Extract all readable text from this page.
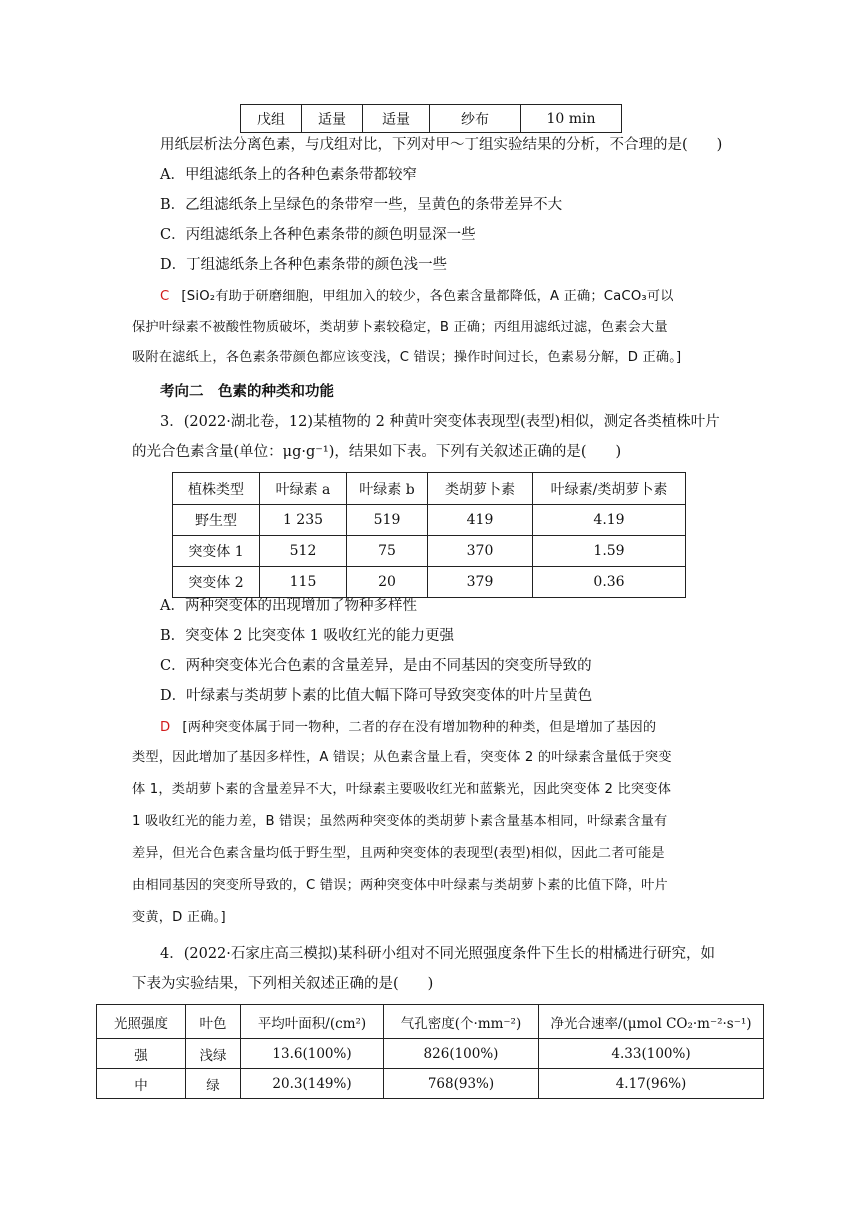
戊组	适量	适量	纱布	10 min
用纸层析法分离色素，与戊组对比，下列对甲～丁组实验结果的分析，不合理的是(　　)
A．甲组滤纸条上的各种色素条带都较窄
B．乙组滤纸条上呈绿色的条带窄一些，呈黄色的条带差异不大
C．丙组滤纸条上各种色素条带的颜色明显深一些
D．丁组滤纸条上各种色素条带的颜色浅一些
C [SiO₂有助于研磨细胞，甲组加入的较少，各色素含量都降低，A 正确；CaCO₃可以
保护叶绿素不被酸性物质破坏，类胡萝卜素较稳定，B 正确；丙组用滤纸过滤，色素会大量
吸附在滤纸上，各色素条带颜色都应该变浅，C 错误；操作时间过长，色素易分解，D 正确。]
考向二　色素的种类和功能
3．(2022·湖北卷，12)某植物的 2 种黄叶突变体表现型(表型)相似，测定各类植株叶片
的光合色素含量(单位：μg·g⁻¹)，结果如下表。下列有关叙述正确的是(　　)
植株类型	叶绿素 a	叶绿素 b	类胡萝卜素	叶绿素/类胡萝卜素
野生型	1 235	519	419	4.19
突变体 1	512	75	370	1.59
突变体 2	115	20	379	0.36
A．两种突变体的出现增加了物种多样性
B．突变体 2 比突变体 1 吸收红光的能力更强
C．两种突变体光合色素的含量差异，是由不同基因的突变所导致的
D．叶绿素与类胡萝卜素的比值大幅下降可导致突变体的叶片呈黄色
D [两种突变体属于同一物种，二者的存在没有增加物种的种类，但是增加了基因的
类型，因此增加了基因多样性，A 错误；从色素含量上看，突变体 2 的叶绿素含量低于突变
体 1，类胡萝卜素的含量差异不大，叶绿素主要吸收红光和蓝紫光，因此突变体 2 比突变体
1 吸收红光的能力差，B 错误；虽然两种突变体的类胡萝卜素含量基本相同，叶绿素含量有
差异，但光合色素含量均低于野生型，且两种突变体的表现型(表型)相似，因此二者可能是
由相同基因的突变所导致的，C 错误；两种突变体中叶绿素与类胡萝卜素的比值下降，叶片
变黄，D 正确。]
4．(2022·石家庄高三模拟)某科研小组对不同光照强度条件下生长的柑橘进行研究，如
下表为实验结果，下列相关叙述正确的是(　　)
光照强度	叶色	平均叶面积/(cm²)	气孔密度(个·mm⁻²)	净光合速率/(μmol CO₂·m⁻²·s⁻¹)
强	浅绿	13.6(100%)	826(100%)	4.33(100%)
中	绿	20.3(149%)	768(93%)	4.17(96%)
